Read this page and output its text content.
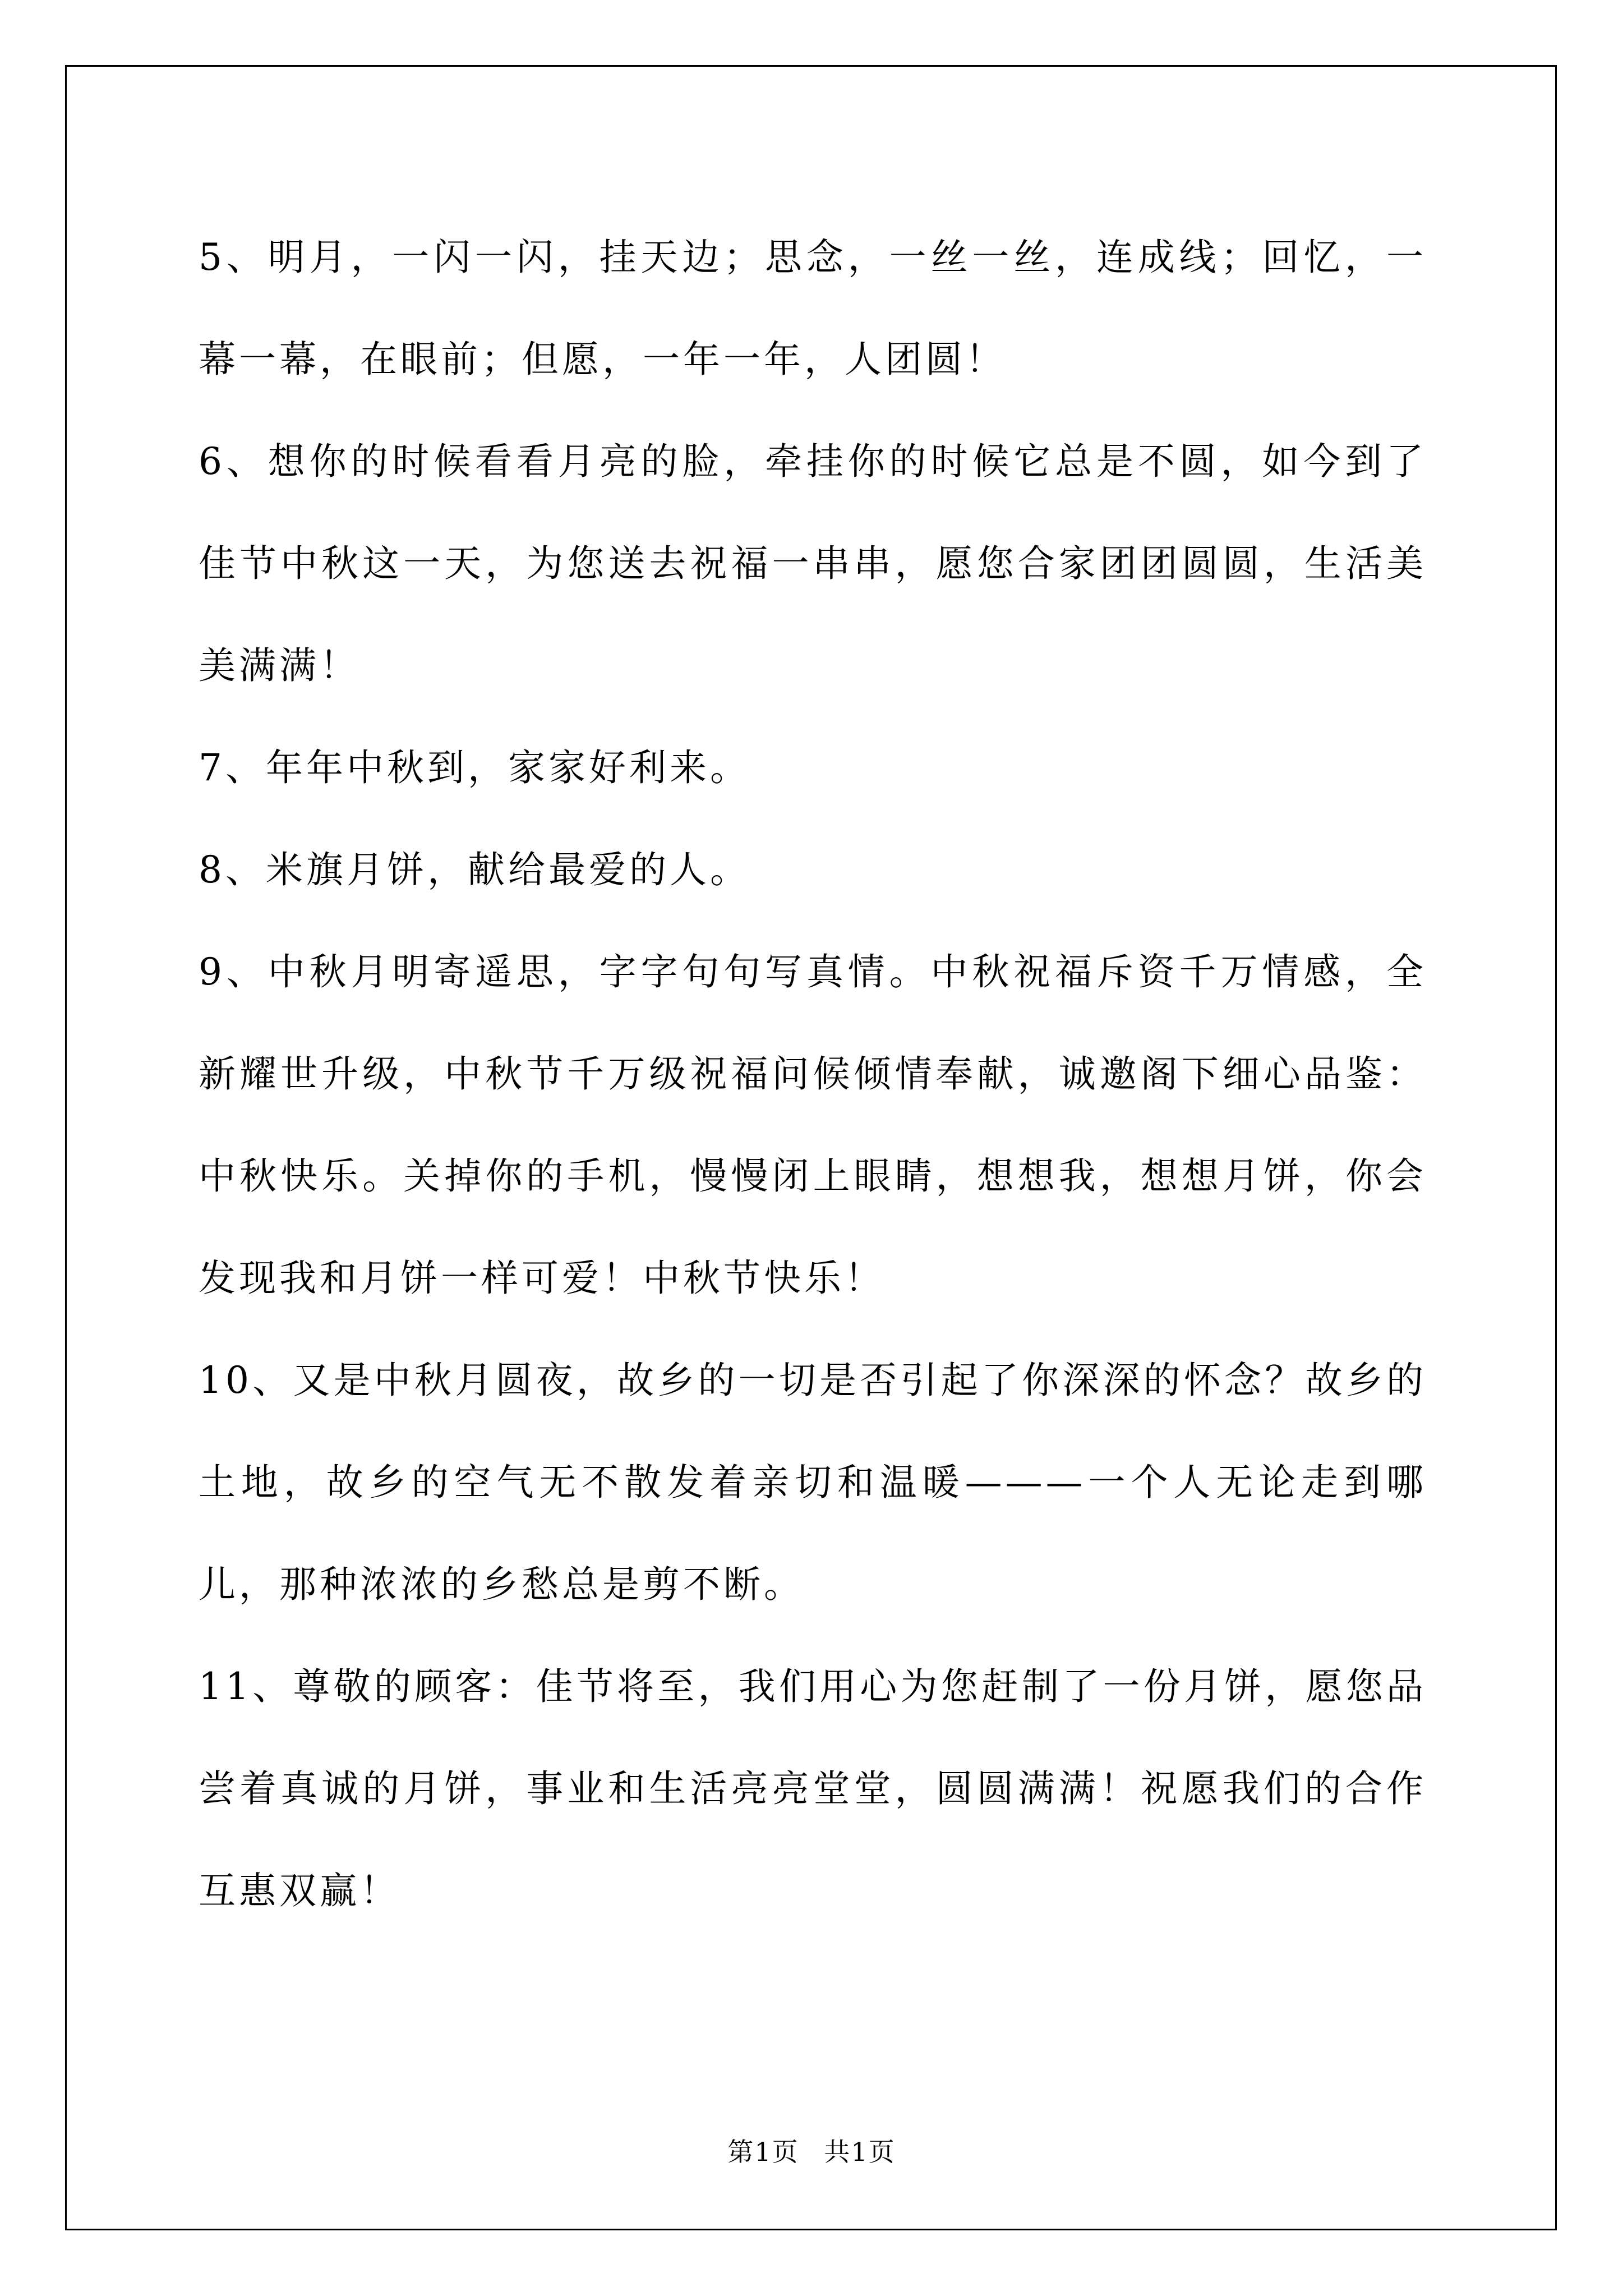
5、明月，一闪一闪，挂天边；思念，一丝一丝，连成线；回忆，一幕一幕，在眼前；但愿，一年一年，人团圆！

6、想你的时候看看月亮的脸，牵挂你的时候它总是不圆，如今到了佳节中秋这一天，为您送去祝福一串串，愿您合家团团圆圆，生活美美满满！

7、年年中秋到，家家好利来。

8、米旗月饼，献给最爱的人。

9、中秋月明寄遥思，字字句句写真情。中秋祝福斥资千万情感，全新耀世升级，中秋节千万级祝福问候倾情奉献，诚邀阁下细心品鉴：中秋快乐。关掉你的手机，慢慢闭上眼睛，想想我，想想月饼，你会发现我和月饼一样可爱！中秋节快乐！

10、又是中秋月圆夜，故乡的一切是否引起了你深深的怀念？故乡的土地，故乡的空气无不散发着亲切和温暖———一个人无论走到哪儿，那种浓浓的乡愁总是剪不断。

11、尊敬的顾客：佳节将至，我们用心为您赶制了一份月饼，愿您品尝着真诚的月饼，事业和生活亮亮堂堂，圆圆满满！祝愿我们的合作互惠双赢！

第1页 共1页
